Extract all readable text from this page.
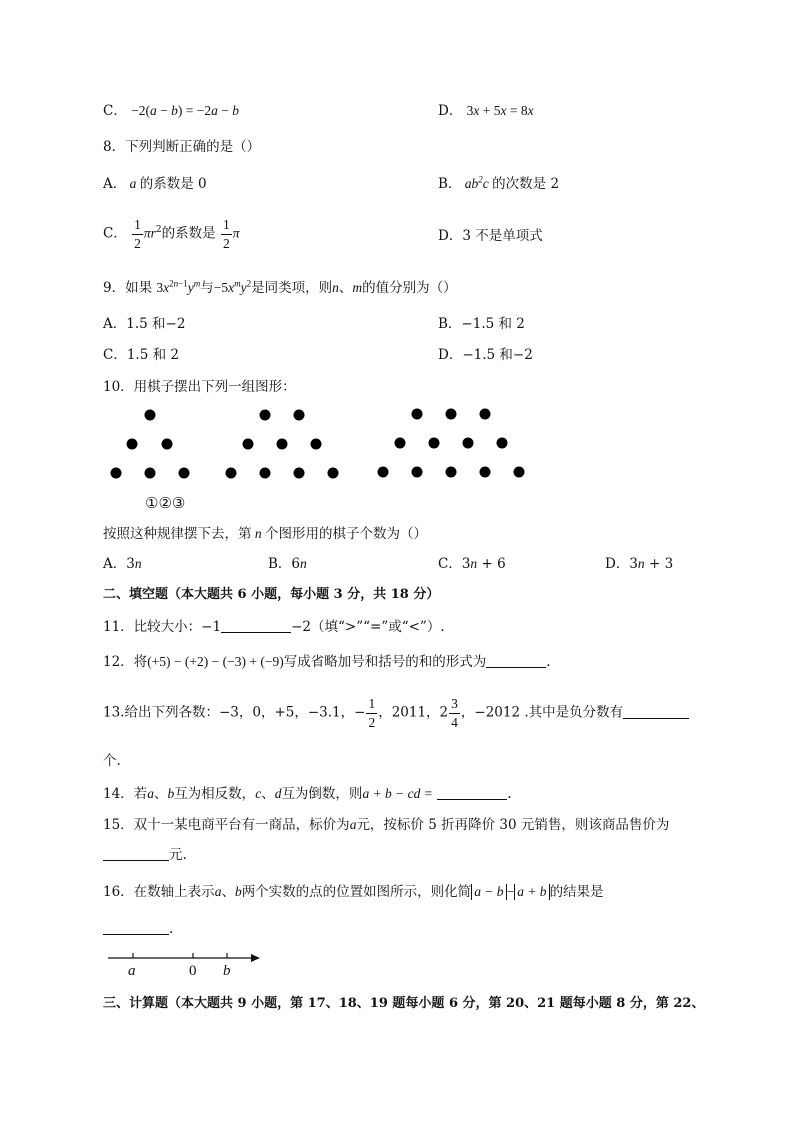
C． −2(a − b) = −2a − b	D． 3x + 5x = 8x
8．下列判断正确的是（）
A． a 的系数是 0	B． $ab^2c$ 的次数是 2
C． $\frac{1}{2} \pi r^2$的系数是 $\frac{1}{2}$ π	D．3 不是单项式
9．如果 $3x^{2n-1}y^m$与$-5x^my^2$是同类项，则n、m的值分别为（）
A．1.5 和−2	B．−1.5 和 2
C．1.5 和 2	D．−1.5 和−2
10．用棋子摆出下列一组图形：
①②③
按照这种规律摆下去，第 n 个图形用的棋子个数为（）
A．3n	B．6n	C．3n + 6	D．3n + 3
二、填空题（本大题共 6 小题，每小题 3 分，共 18 分）
11．比较大小：−1	−2（填“>”“=”或“<”）.
12．将(+5) − (+2) − (−3) + (−9)写成省略加号和括号的和的形式为	.
13.给出下列各数：−3，0，+5，−3.1，− $\frac{1}{2}$ ，2011，$2 \frac{3}{4}$ ，−2012 .其中是负分数有
个.
14．若a、b互为相反数，c、d互为倒数，则a + b − cd =	.
15．双十一某电商平台有一商品，标价为a元，按标价 5 折再降价 30 元销售，则该商品售价为
元.
16．在数轴上表示a、b两个实数的点的位置如图所示，则化简 a − b − a + b 的结果是
.
a	0 b
三、计算题（本大题共 9 小题，第 17、18、19 题每小题 6 分，第 20、21 题每小题 8 分，第 22、
